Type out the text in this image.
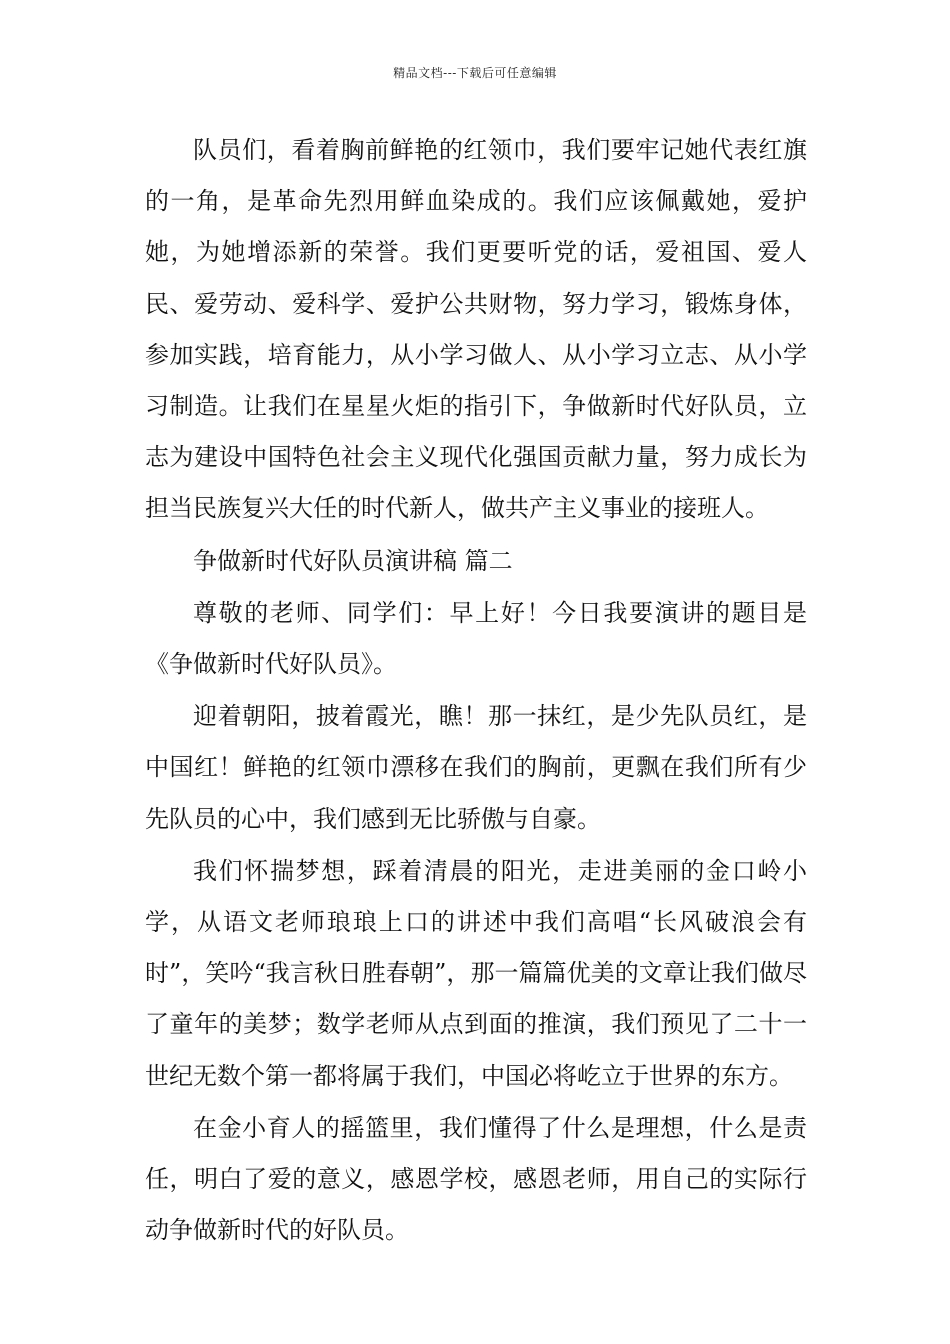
精品文档---下载后可任意编辑

队员们，看着胸前鲜艳的红领巾，我们要牢记她代表红旗的一角，是革命先烈用鲜血染成的。我们应该佩戴她，爱护她，为她增添新的荣誉。我们更要听党的话，爱祖国、爱人民、爱劳动、爱科学、爱护公共财物，努力学习，锻炼身体，参加实践，培育能力，从小学习做人、从小学习立志、从小学习制造。让我们在星星火炬的指引下，争做新时代好队员，立志为建设中国特色社会主义现代化强国贡献力量，努力成长为担当民族复兴大任的时代新人，做共产主义事业的接班人。

争做新时代好队员演讲稿 篇二

尊敬的老师、同学们：早上好！今日我要演讲的题目是《争做新时代好队员》。

迎着朝阳，披着霞光，瞧！那一抹红，是少先队员红，是中国红！鲜艳的红领巾漂移在我们的胸前，更飘在我们所有少先队员的心中，我们感到无比骄傲与自豪。

我们怀揣梦想，踩着清晨的阳光，走进美丽的金口岭小学，从语文老师琅琅上口的讲述中我们高唱“长风破浪会有时”，笑吟“我言秋日胜春朝”，那一篇篇优美的文章让我们做尽了童年的美梦；数学老师从点到面的推演，我们预见了二十一世纪无数个第一都将属于我们，中国必将屹立于世界的东方。

在金小育人的摇篮里，我们懂得了什么是理想，什么是责任，明白了爱的意义，感恩学校，感恩老师，用自己的实际行动争做新时代的好队员。
